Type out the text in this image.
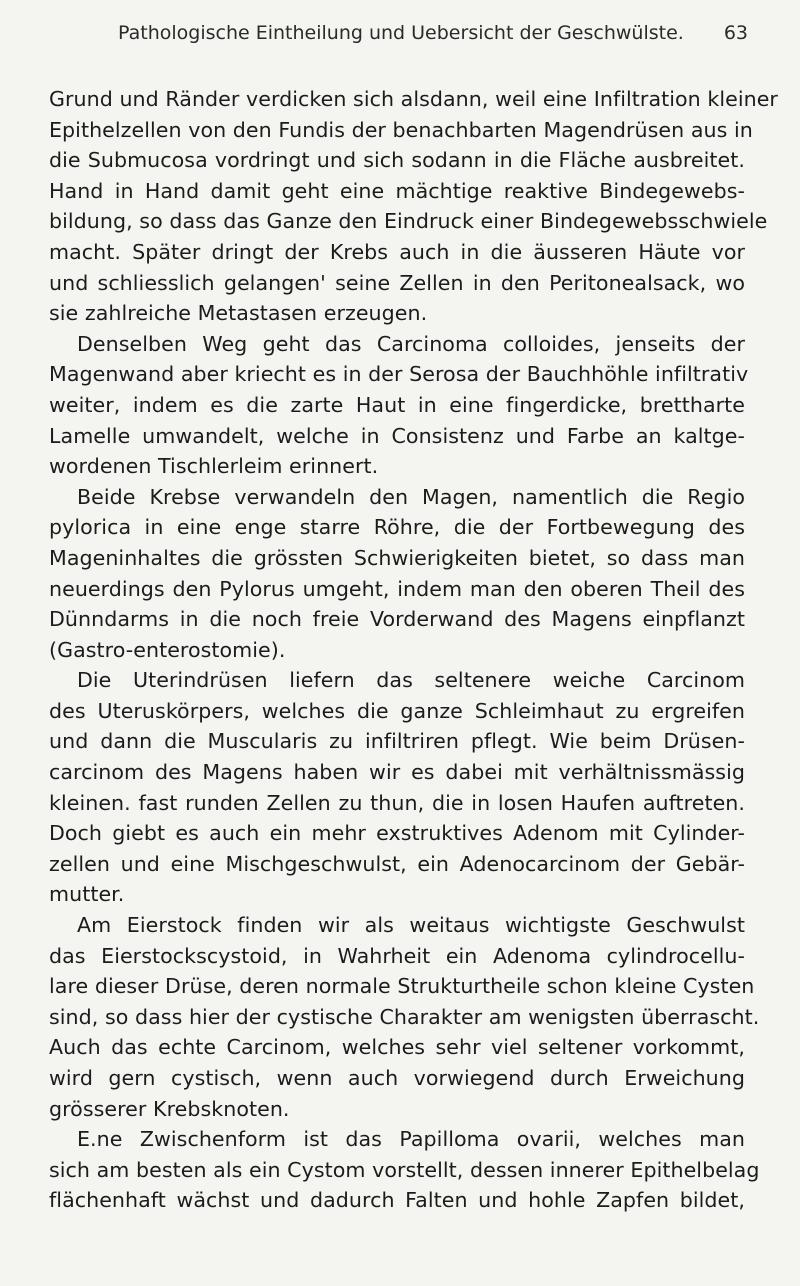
Pathologische Eintheilung und Uebersicht der Geschwülste. 63
Grund und Ränder verdicken sich alsdann, weil eine Infiltration kleiner
Epithelzellen von den Fundis der benachbarten Magendrüsen aus in
die Submucosa vordringt und sich sodann in die Fläche ausbreitet.
Hand in Hand damit geht eine mächtige reaktive Bindegewebs-
bildung, so dass das Ganze den Eindruck einer Bindegewebsschwiele
macht. Später dringt der Krebs auch in die äusseren Häute vor
und schliesslich gelangen' seine Zellen in den Peritonealsack, wo
sie zahlreiche Metastasen erzeugen.
Denselben Weg geht das Carcinoma colloides, jenseits der
Magenwand aber kriecht es in der Serosa der Bauchhöhle infiltrativ
weiter, indem es die zarte Haut in eine fingerdicke, brettharte
Lamelle umwandelt, welche in Consistenz und Farbe an kaltge-
wordenen Tischlerleim erinnert.
Beide Krebse verwandeln den Magen, namentlich die Regio
pylorica in eine enge starre Röhre, die der Fortbewegung des
Mageninhaltes die grössten Schwierigkeiten bietet, so dass man
neuerdings den Pylorus umgeht, indem man den oberen Theil des
Dünndarms in die noch freie Vorderwand des Magens einpflanzt
(Gastro-enterostomie).
Die Uterindrüsen liefern das seltenere weiche Carcinom
des Uteruskörpers, welches die ganze Schleimhaut zu ergreifen
und dann die Muscularis zu infiltriren pflegt. Wie beim Drüsen-
carcinom des Magens haben wir es dabei mit verhältnissmässig
kleinen. fast runden Zellen zu thun, die in losen Haufen auftreten.
Doch giebt es auch ein mehr exstruktives Adenom mit Cylinder-
zellen und eine Mischgeschwulst, ein Adenocarcinom der Gebär-
mutter.
Am Eierstock finden wir als weitaus wichtigste Geschwulst
das Eierstockscystoid, in Wahrheit ein Adenoma cylindrocellu-
lare dieser Drüse, deren normale Strukturtheile schon kleine Cysten
sind, so dass hier der cystische Charakter am wenigsten überrascht.
Auch das echte Carcinom, welches sehr viel seltener vorkommt,
wird gern cystisch, wenn auch vorwiegend durch Erweichung
grösserer Krebsknoten.
E.ne Zwischenform ist das Papilloma ovarii, welches man
sich am besten als ein Cystom vorstellt, dessen innerer Epithelbelag
flächenhaft wächst und dadurch Falten und hohle Zapfen bildet,
